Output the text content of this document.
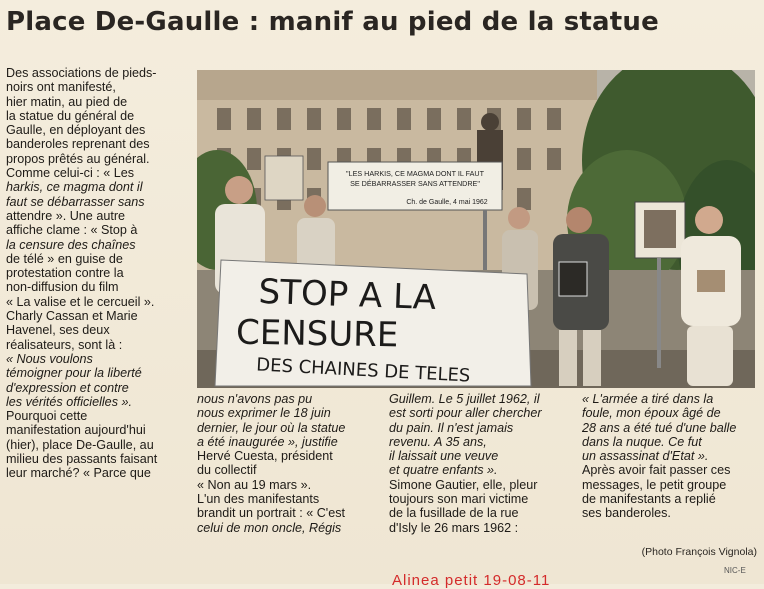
Place De-Gaulle : manif au pied de la statue
"LES HARKIS, CE MAGMA DONT IL FAUT
SE DÉBARRASSER SANS ATTENDRE"
Ch. de Gaulle, 4 mai 1962
STOP A LA
CENSURE
DES CHAINES DE TELES

Des associations de pieds-

noirs ont manifesté,

hier matin, au pied de

la statue du général de

Gaulle, en déployant des

banderoles reprenant des

propos prêtés au général.

Comme celui-ci : « Les

harkis, ce magma dont il

faut se débarrasser sans

attendre ». Une autre

affiche clame : « Stop à

la censure des chaînes

de télé » en guise de

protestation contre la

non-diffusion du film

« La valise et le cercueil ».

Charly Cassan et Marie

Havenel, ses deux

réalisateurs, sont là :

« Nous voulons

témoigner pour la liberté

d'expression et contre

les vérités officielles ».

Pourquoi cette

manifestation aujourd'hui

(hier), place De-Gaulle, au

milieu des passants faisant

leur marché? « Parce que

nous n'avons pas pu

nous exprimer le 18 juin

dernier, le jour où la statue

a été inaugurée », justifie

Hervé Cuesta, président

du collectif

« Non au 19 mars ».

L'un des manifestants

brandit un portrait : « C'est

celui de mon oncle, Régis

Guillem. Le 5 juillet 1962, il

est sorti pour aller chercher

du pain. Il n'est jamais

revenu. A 35 ans,

il laissait une veuve

et quatre enfants ».

Simone Gautier, elle, pleur

toujours son mari victime

de la fusillade de la rue

d'Isly le 26 mars 1962 :

« L'armée a tiré dans la

foule, mon époux âgé de

28 ans a été tué d'une balle

dans la nuque. Ce fut

un assassinat d'Etat ».

Après avoir fait passer ces

messages, le petit groupe

de manifestants a replié

ses banderoles.

(Photo François Vignola)
NIC-E
Alinea petit 19-08-11
